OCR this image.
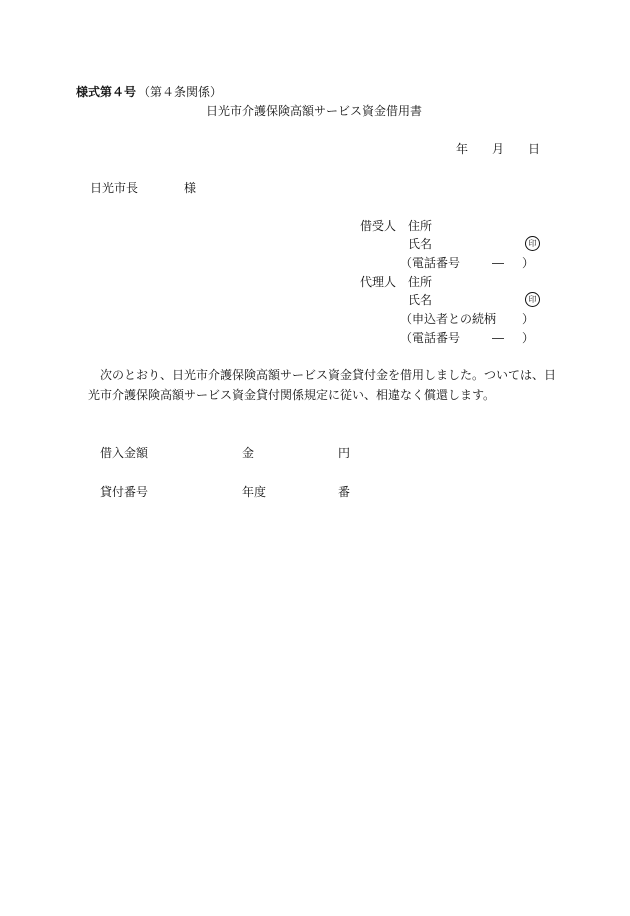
様式第４号 （第４条関係）
日光市介護保険高額サービス資金借用書
年 月 日
日光市長	様
借受人 住所
氏名	印
（電話番号	― ）
代理人 住所
氏名	印
（申込者との続柄 ）
（電話番号	― ）
次のとおり、日光市介護保険高額サービス資金貸付金を借用しました。ついては、日
光市介護保険高額サービス資金貸付関係規定に従い、相違なく償還します。
借入金額	金	円
貸付番号	年度	番
